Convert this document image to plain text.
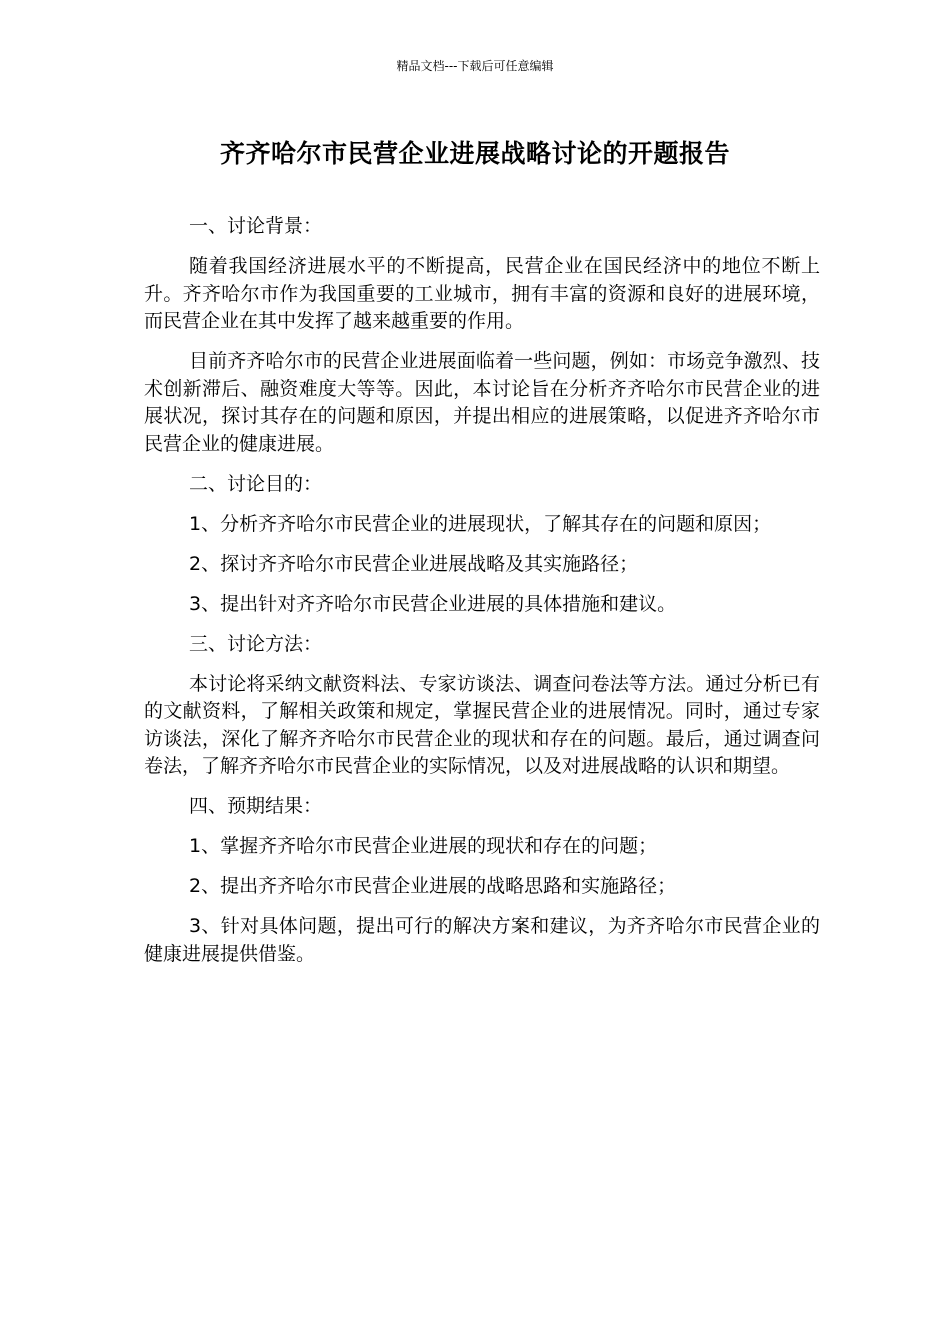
精品文档---下载后可任意编辑
齐齐哈尔市民营企业进展战略讨论的开题报告

一、讨论背景：

随着我国经济进展水平的不断提高，民营企业在国民经济中的地位不断上升。齐齐哈尔市作为我国重要的工业城市，拥有丰富的资源和良好的进展环境，而民营企业在其中发挥了越来越重要的作用。

目前齐齐哈尔市的民营企业进展面临着一些问题，例如：市场竞争激烈、技术创新滞后、融资难度大等等。因此，本讨论旨在分析齐齐哈尔市民营企业的进展状况，探讨其存在的问题和原因，并提出相应的进展策略，以促进齐齐哈尔市民营企业的健康进展。

二、讨论目的：

1、分析齐齐哈尔市民营企业的进展现状，了解其存在的问题和原因；

2、探讨齐齐哈尔市民营企业进展战略及其实施路径；

3、提出针对齐齐哈尔市民营企业进展的具体措施和建议。

三、讨论方法：

本讨论将采纳文献资料法、专家访谈法、调查问卷法等方法。通过分析已有的文献资料，了解相关政策和规定，掌握民营企业的进展情况。同时，通过专家访谈法，深化了解齐齐哈尔市民营企业的现状和存在的问题。最后，通过调查问卷法，了解齐齐哈尔市民营企业的实际情况，以及对进展战略的认识和期望。

四、预期结果：

1、掌握齐齐哈尔市民营企业进展的现状和存在的问题；

2、提出齐齐哈尔市民营企业进展的战略思路和实施路径；

3、针对具体问题，提出可行的解决方案和建议，为齐齐哈尔市民营企业的健康进展提供借鉴。
